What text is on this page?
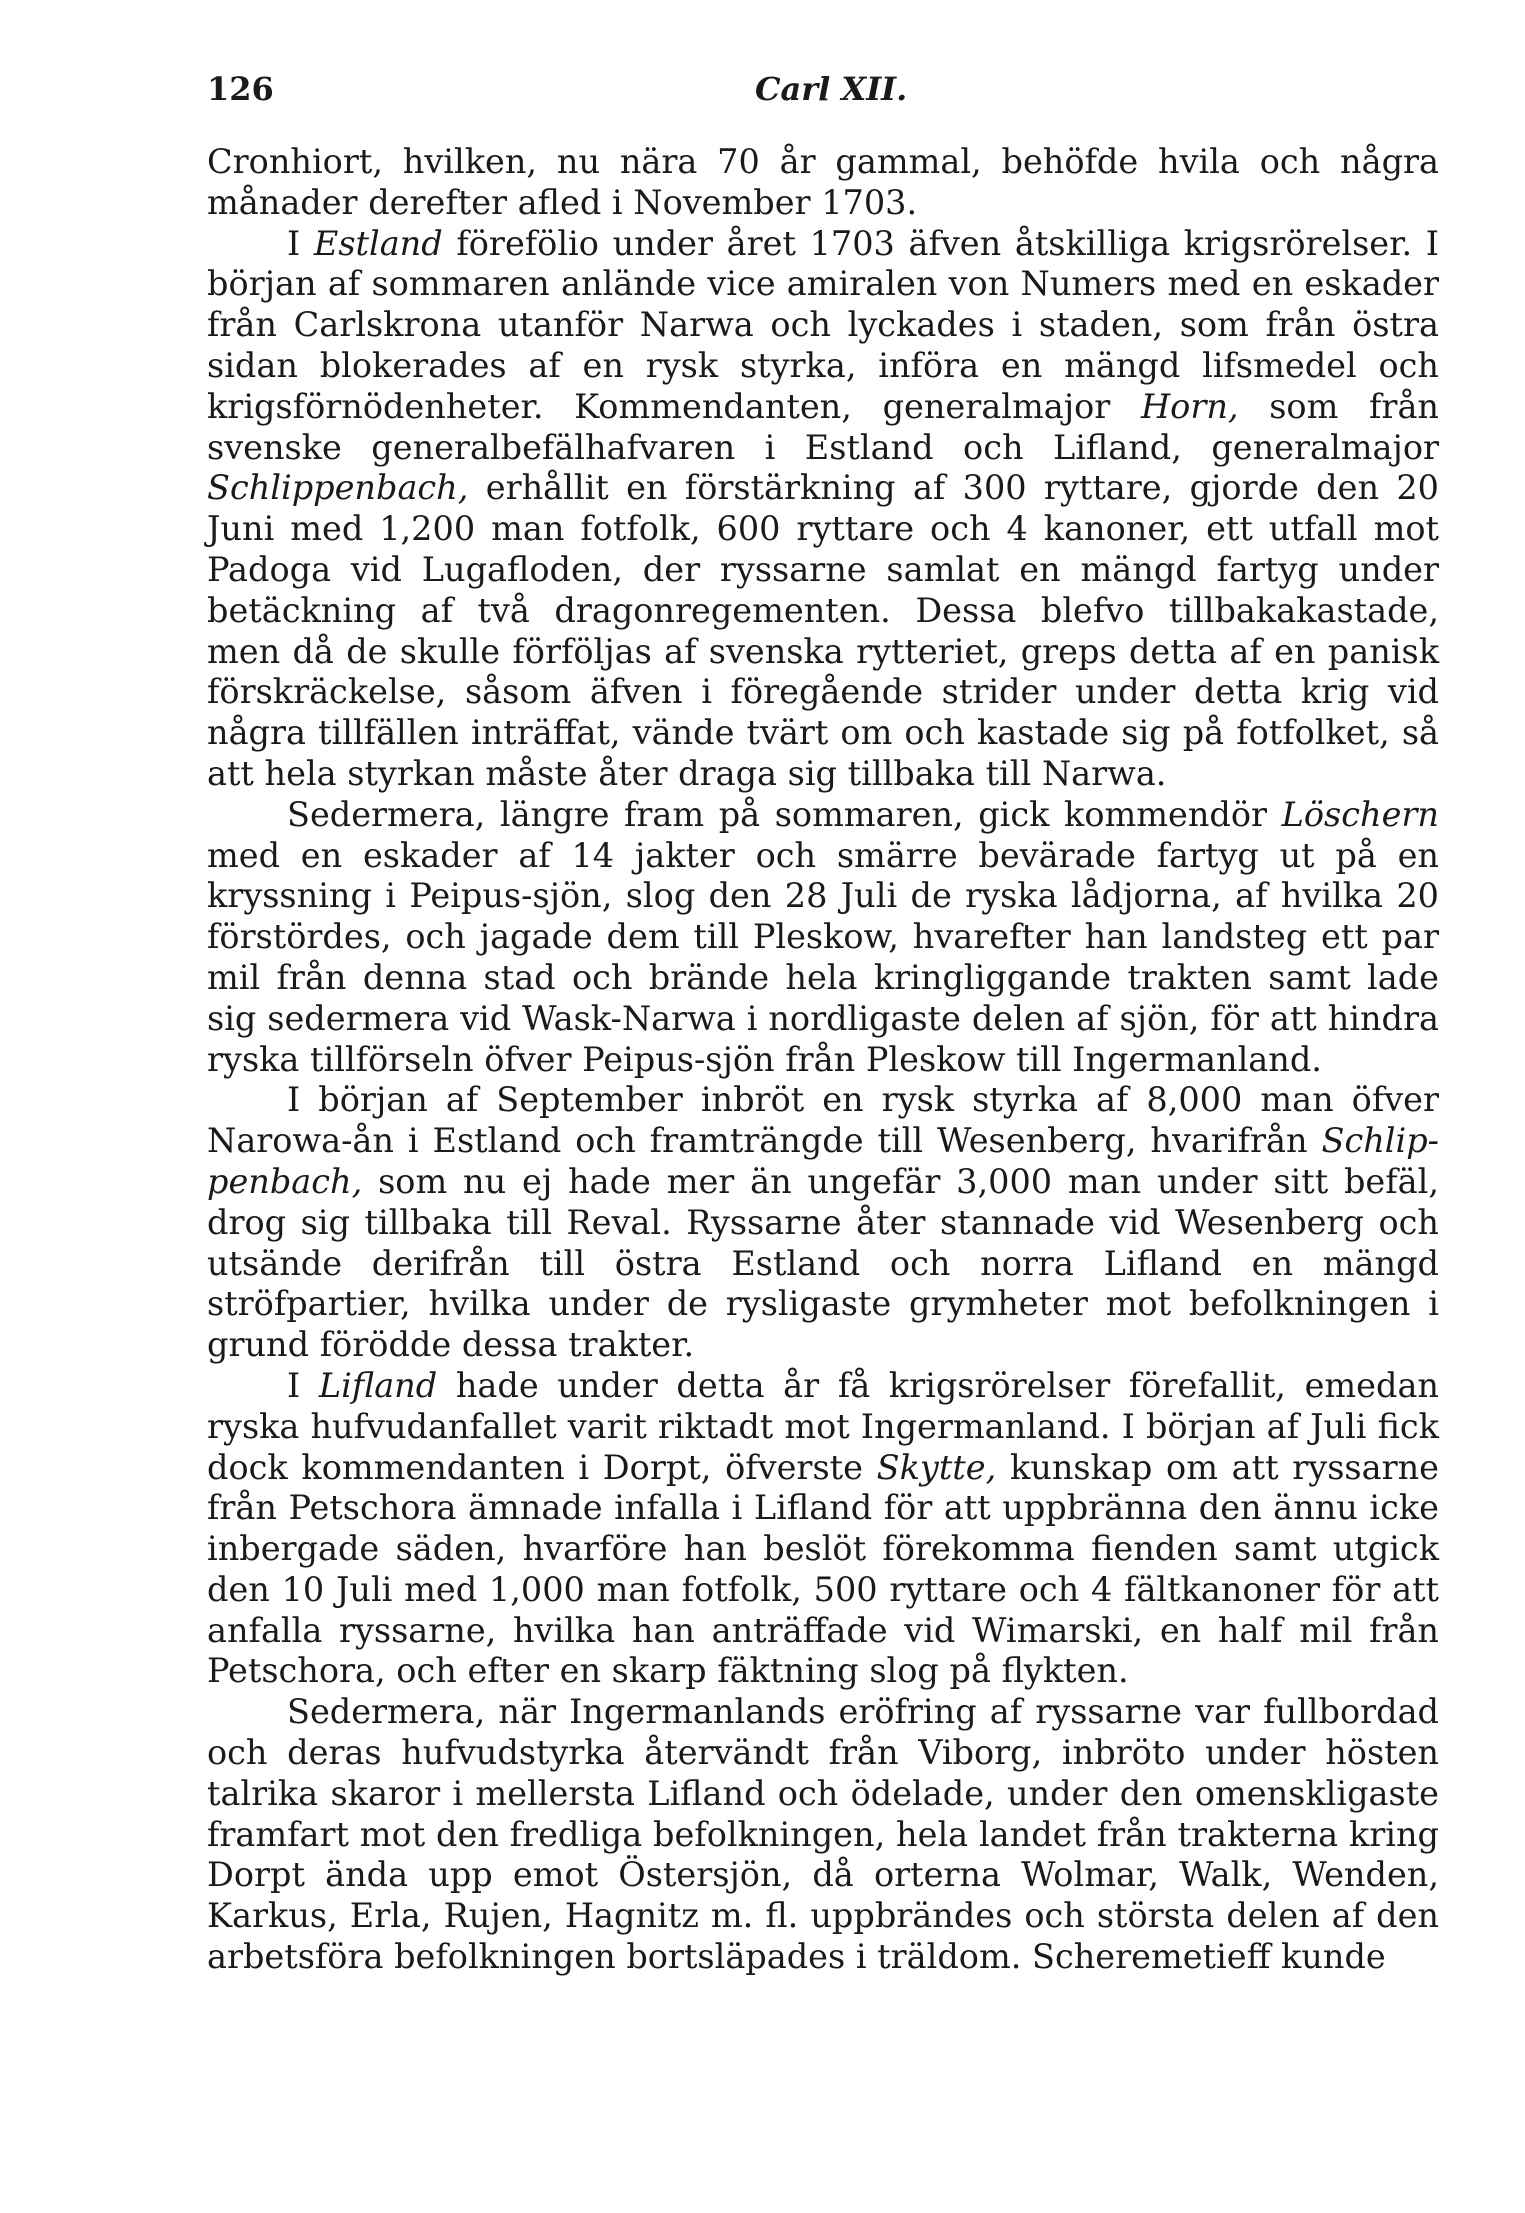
126	Carl XII.

Cronhiort, hvilken, nu nära 70 år gammal, behöfde hvila och några månader derefter afled i November 1703.

I Estland förefölio under året 1703 äfven åtskilliga krigsrörelser. I början af sommaren anlände vice amiralen von Numers med en eskader från Carlskrona utanför Narwa och lyckades i staden, som från östra sidan blokerades af en rysk styrka, införa en mängd lifsmedel och krigsförnödenheter. Kommendanten, generalmajor Horn, som från svenske generalbefälhafvaren i Estland och Lifland, generalmajor Schlippenbach, erhållit en förstärkning af 300 ryttare, gjorde den 20 Juni med 1,200 man fotfolk, 600 ryttare och 4 kanoner, ett utfall mot Padoga vid Lugafloden, der ryssarne samlat en mängd fartyg under betäckning af två dragonregementen. Dessa blefvo tillbakakastade, men då de skulle förföljas af svenska rytteriet, greps detta af en panisk förskräckelse, såsom äfven i föregående strider under detta krig vid några tillfällen inträffat, vände tvärt om och kastade sig på fotfolket, så att hela styrkan måste åter draga sig tillbaka till Narwa.

Sedermera, längre fram på sommaren, gick kommendör Löschern med en eskader af 14 jakter och smärre beväradе fartyg ut på en kryssning i Peipus-sjön, slog den 28 Juli de ryska lådjorna, af hvilka 20 förstördes, och jagade dem till Pleskow, hvarefter han landsteg ett par mil från denna stad och brände hela kringliggande trakten samt lade sig sedermera vid Wask-Narwa i nordligaste delen af sjön, för att hindra ryska tillförseln öfver Peipus-sjön från Pleskow till Ingermanland.

I början af September inbröt en rysk styrka af 8,000 man öfver Narowa-ån i Estland och framträngde till Wesenberg, hvarifrån Schlippenbach, som nu ej hade mer än ungefär 3,000 man under sitt befäl, drog sig tillbaka till Reval. Ryssarne åter stannade vid Wesenberg och utsände derifrån till östra Estland och norra Lifland en mängd ströfpartier, hvilka under de rysligaste grymheter mot befolkningen i grund förödde dessa trakter.

I Lifland hade under detta år få krigsrörelser förefallit, emedan ryska hufvudanfallet varit riktadt mot Ingermanland. I början af Juli fick dock kommendanten i Dorpt, öfverste Skytte, kunskap om att ryssarne från Petschora ämnade infalla i Lifland för att uppbränna den ännu icke inbergade säden, hvarföre han beslöt förekomma fienden samt utgick den 10 Juli med 1,000 man fotfolk, 500 ryttare och 4 fältkanoner för att anfalla ryssarne, hvilka han anträffade vid Wimarski, en half mil från Petschora, och efter en skarp fäktning slog på flykten.

Sedermera, när Ingermanlands eröfring af ryssarne var fullbordad och deras hufvudstyrka återvändt från Viborg, inbröto under hösten talrika skaror i mellersta Lifland och ödelade, under den omenskligaste framfart mot den fredliga befolkningen, hela landet från trakterna kring Dorpt ända upp emot Östersjön, då orterna Wolmar, Walk, Wenden, Karkus, Erla, Rujen, Hagnitz m. fl. uppbrändes och största delen af den arbetsföra befolkningen bortsläpades i träldom. Scheremetieff kunde
